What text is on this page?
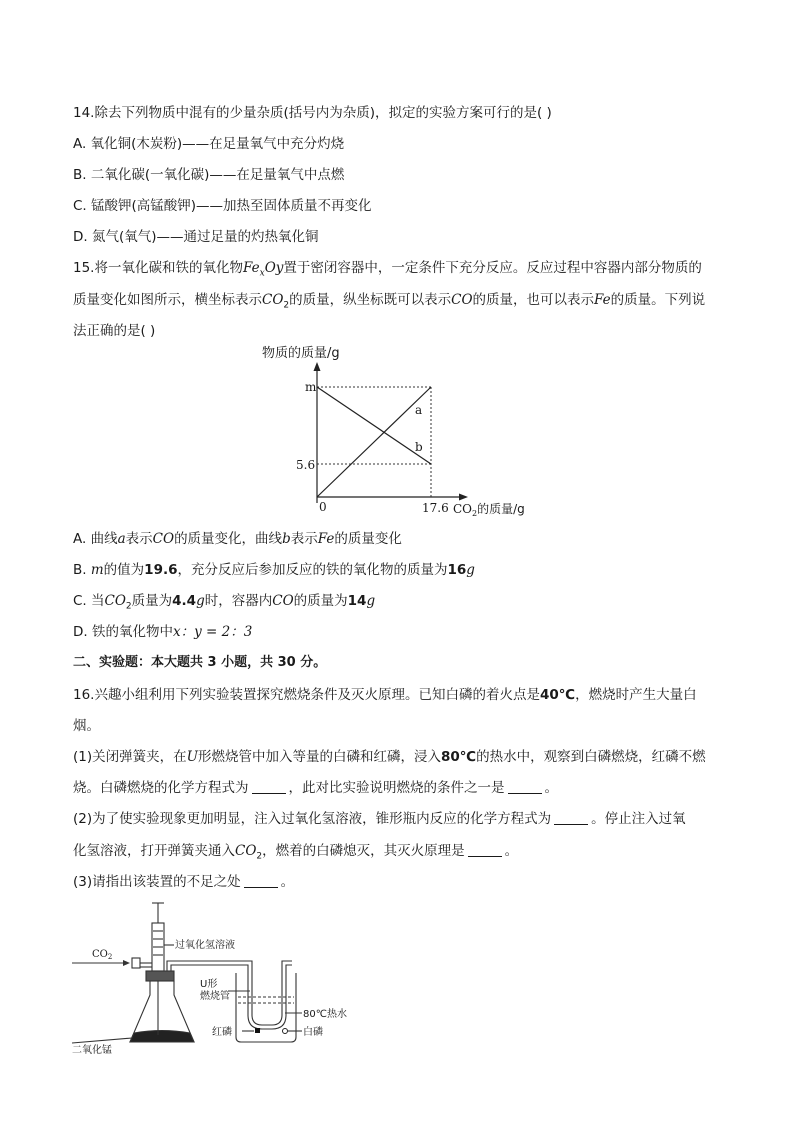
14.除去下列物质中混有的少量杂质(括号内为杂质)，拟定的实验方案可行的是( )
A. 氧化铜(木炭粉)——在足量氧气中充分灼烧
B. 二氧化碳(一氧化碳)——在足量氧气中点燃
C. 锰酸钾(高锰酸钾)——加热至固体质量不再变化
D. 氮气(氧气)——通过足量的灼热氧化铜
15.将一氧化碳和铁的氧化物$Fe_xOy$置于密闭容器中，一定条件下充分反应。反应过程中容器内部分物质的
质量变化如图所示，横坐标表示$CO_2$的质量，纵坐标既可以表示CO的质量，也可以表示Fe的质量。下列说
法正确的是( )
物质的质量/g
m
5.6
0	17.6 $CO_2$的质量/g
a
b
A. 曲线a表示CO的质量变化，曲线b表示Fe的质量变化
B. m的值为19.6，充分反应后参加反应的铁的氧化物的质量为16g
C. 当$CO_2$质量为4.4g时，容器内CO的质量为14g
D. 铁的氧化物中x：y = 2：3
二、实验题：本大题共 3 小题，共 30 分。
16.兴趣小组利用下列实验装置探究燃烧条件及灭火原理。已知白磷的着火点是40℃，燃烧时产生大量白
烟。
(1)关闭弹簧夹，在U形燃烧管中加入等量的白磷和红磷，浸入80℃的热水中，观察到白磷燃烧，红磷不燃
烧。白磷燃烧的化学方程式为	，此对比实验说明燃烧的条件之一是	。
(2)为了使实验现象更加明显，注入过氧化氢溶液，锥形瓶内反应的化学方程式为	。停止注入过氧
化氢溶液，打开弹簧夹通入$CO_2$，燃着的白磷熄灭，其灭火原理是	。
(3)请指出该装置的不足之处	。
$CO_2$
过氧化氢溶液
U形
燃烧管
80℃热水
红磷	白磷
二氧化锰
